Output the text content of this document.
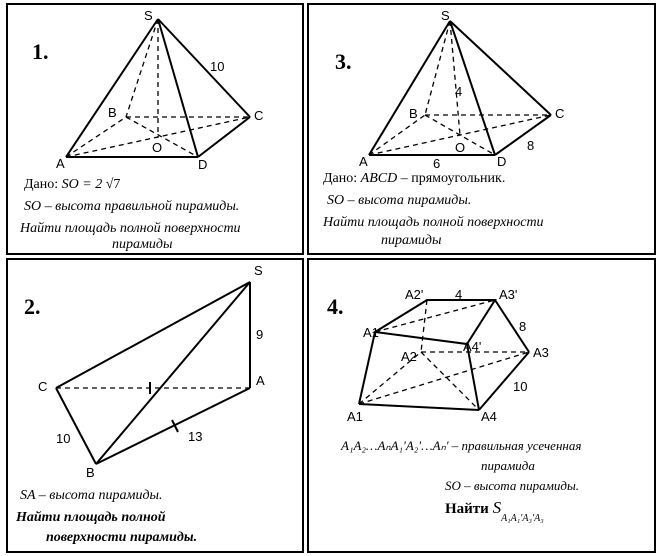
1.
S
10
B	C
O
A	D
Дано: SO = 2 √7
SO – высота правильной пирамиды.
Найти площадь полной поверхности
пирамиды
3.
S
4
B	C
8
O
A	6	D
Дано: ABCD – прямоугольник.
SO – высота пирамиды.
Найти площадь полной поверхности
пирамиды
2.
S
9
C	A
10	13
B
SA – высота пирамиды.
Найти площадь полной
поверхности пирамиды.
4.	A2' 4	A3'
A1'	8
A4'
A2	A3
10
A1	A4
A₁A₂…AₙA₁'A₂'…Aₙ' – правильная усеченная
пирамида
SO – высота пирамиды.
Найти $S_{A_1A_1'A_3'A_3}$
